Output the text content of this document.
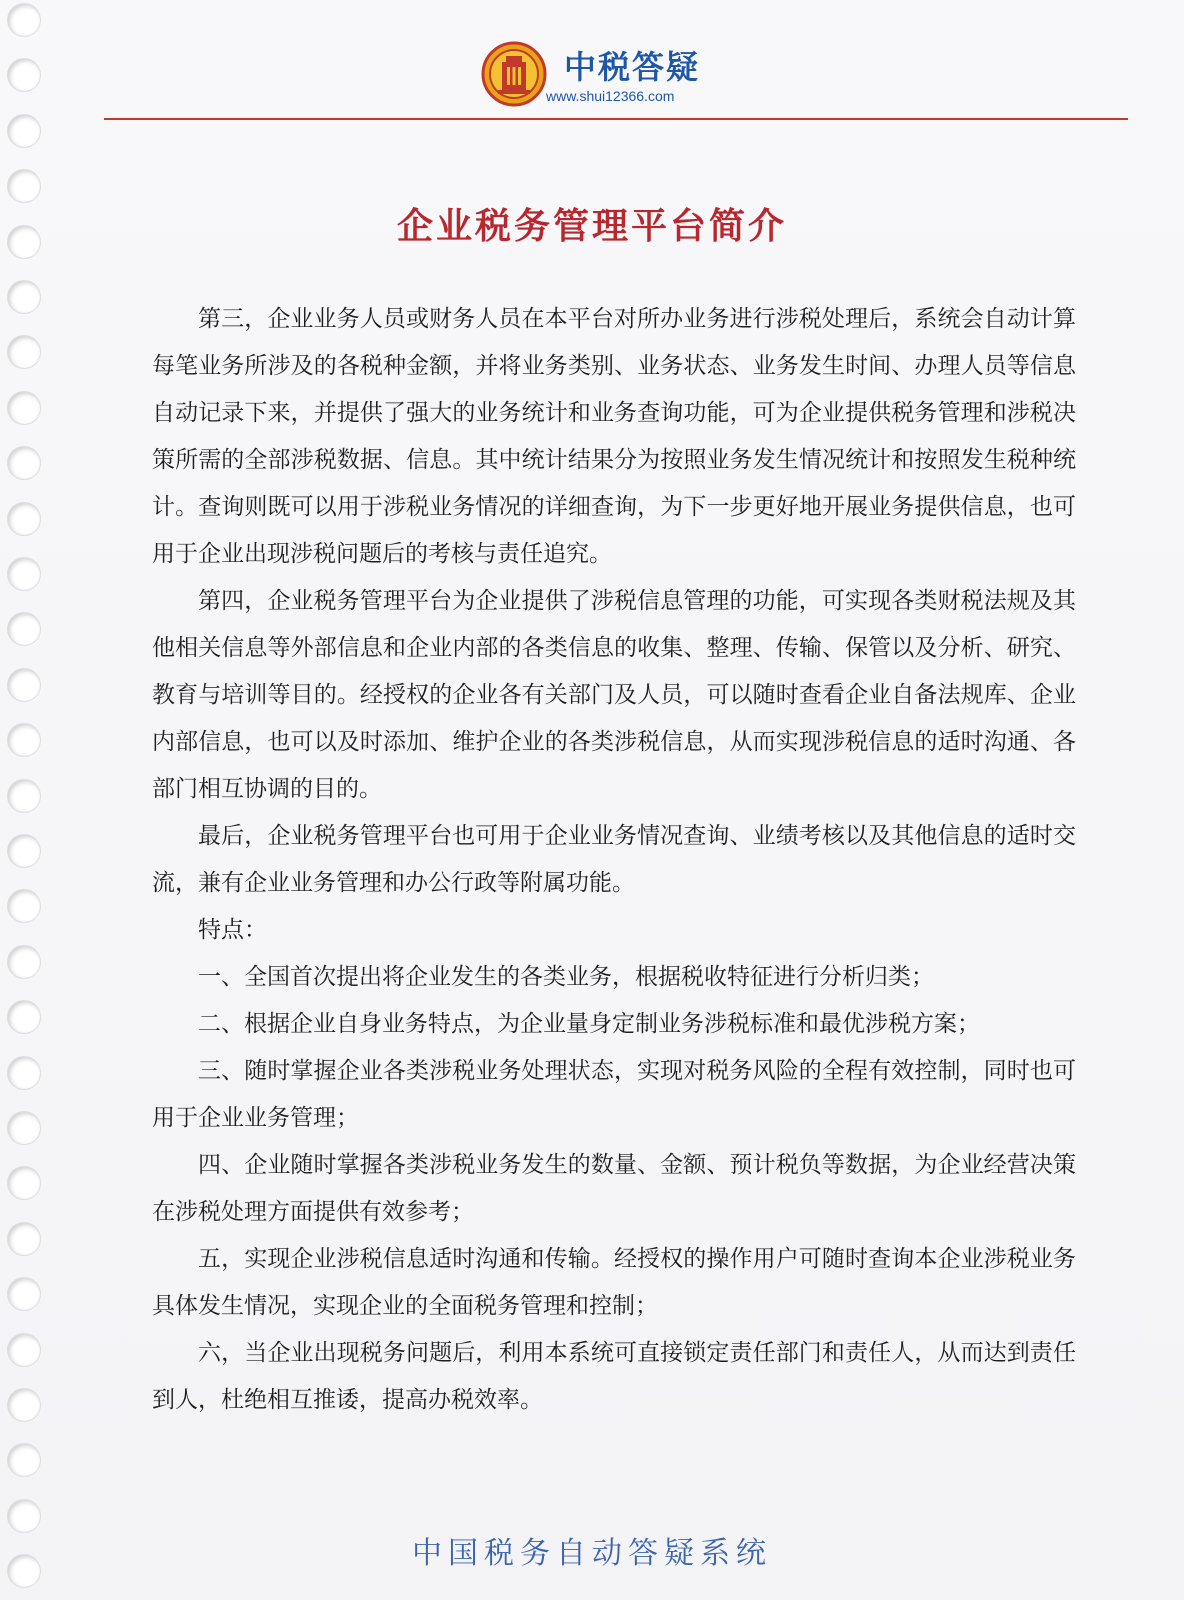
中税答疑
www.shui12366.com
企业税务管理平台简介

第三，企业业务人员或财务人员在本平台对所办业务进行涉税处理后，系统会自动计算每笔业务所涉及的各税种金额，并将业务类别、业务状态、业务发生时间、办理人员等信息自动记录下来，并提供了强大的业务统计和业务查询功能，可为企业提供税务管理和涉税决策所需的全部涉税数据、信息。其中统计结果分为按照业务发生情况统计和按照发生税种统计。查询则既可以用于涉税业务情况的详细查询，为下一步更好地开展业务提供信息，也可用于企业出现涉税问题后的考核与责任追究。

第四，企业税务管理平台为企业提供了涉税信息管理的功能，可实现各类财税法规及其他相关信息等外部信息和企业内部的各类信息的收集、整理、传输、保管以及分析、研究、教育与培训等目的。经授权的企业各有关部门及人员，可以随时查看企业自备法规库、企业内部信息，也可以及时添加、维护企业的各类涉税信息，从而实现涉税信息的适时沟通、各部门相互协调的目的。

最后，企业税务管理平台也可用于企业业务情况查询、业绩考核以及其他信息的适时交流，兼有企业业务管理和办公行政等附属功能。

特点：

一、全国首次提出将企业发生的各类业务，根据税收特征进行分析归类；

二、根据企业自身业务特点，为企业量身定制业务涉税标准和最优涉税方案；

三、随时掌握企业各类涉税业务处理状态，实现对税务风险的全程有效控制，同时也可用于企业业务管理；

四、企业随时掌握各类涉税业务发生的数量、金额、预计税负等数据，为企业经营决策在涉税处理方面提供有效参考；

五，实现企业涉税信息适时沟通和传输。经授权的操作用户可随时查询本企业涉税业务具体发生情况，实现企业的全面税务管理和控制；

六，当企业出现税务问题后，利用本系统可直接锁定责任部门和责任人，从而达到责任到人，杜绝相互推诿，提高办税效率。

中国税务自动答疑系统
